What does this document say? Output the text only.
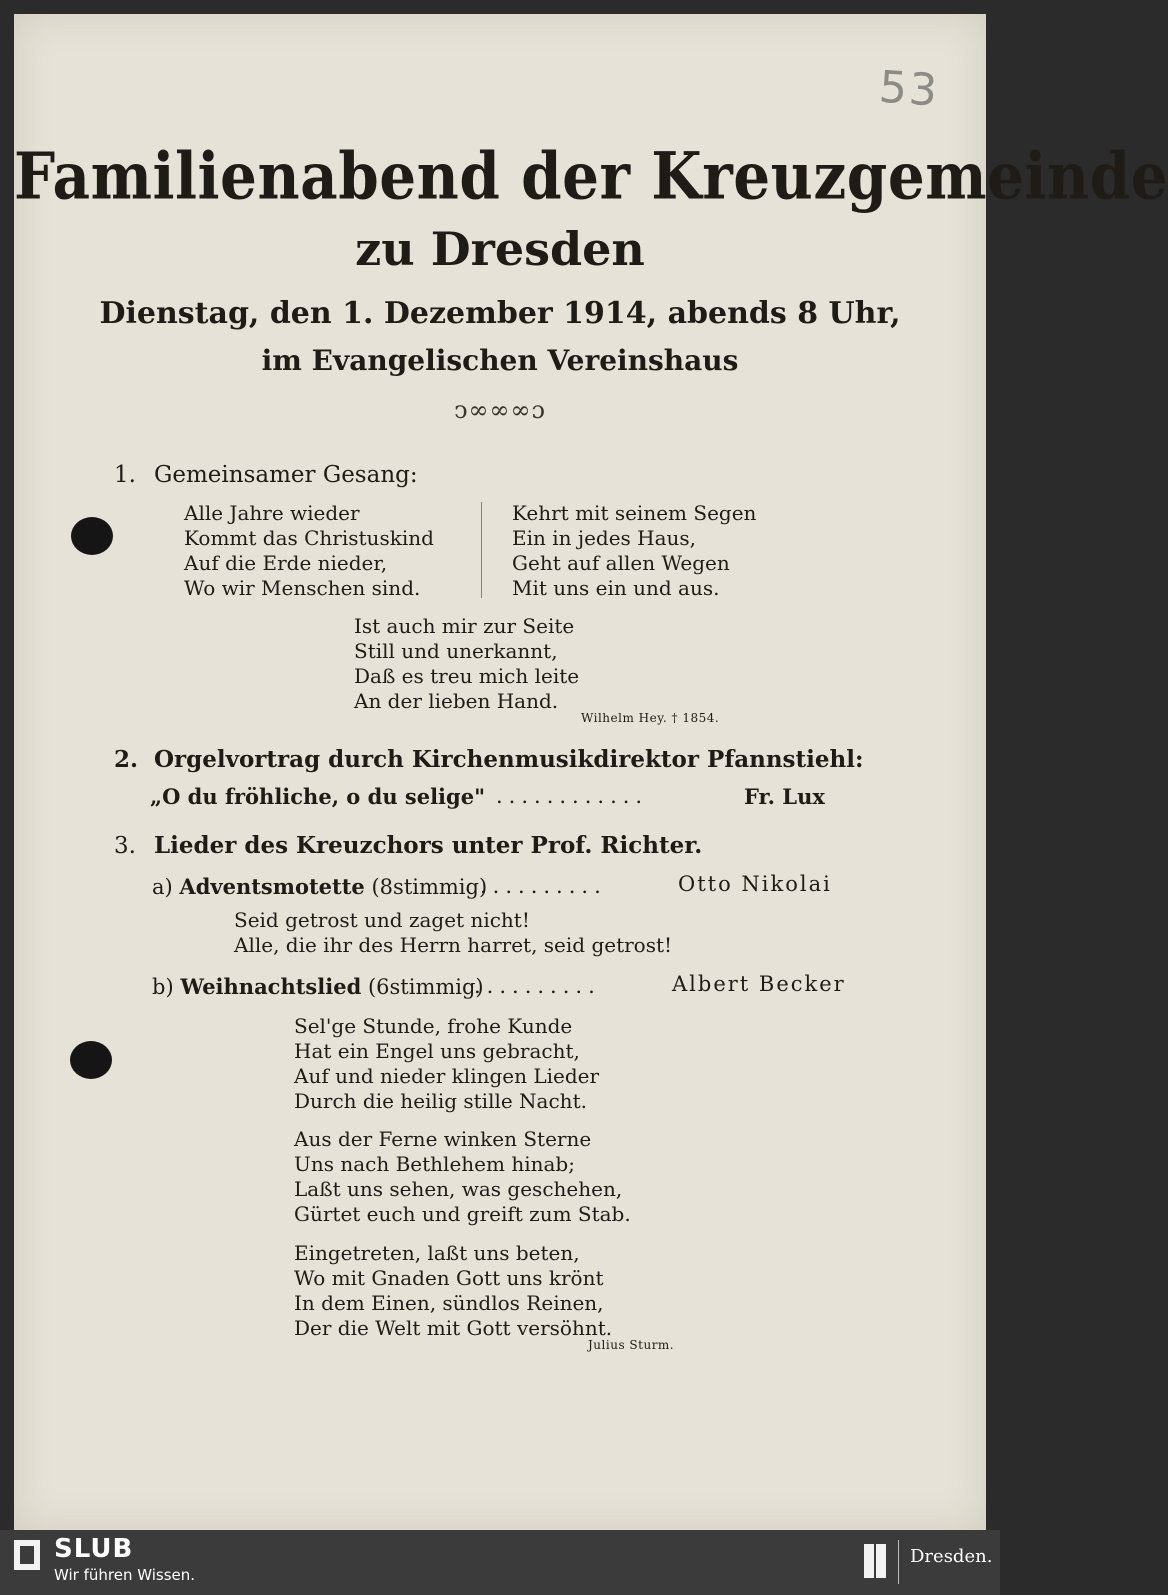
53
Familienabend der Kreuzgemeinde
zu Dresden
Dienstag, den 1. Dezember 1914, abends 8 Uhr,
im Evangelischen Vereinshaus
ↄ∞∞∞ɔ
1. Gemeinsamer Gesang:
Alle Jahre wieder
Kommt das Christuskind
Auf die Erde nieder,
Wo wir Menschen sind.
Kehrt mit seinem Segen
Ein in jedes Haus,
Geht auf allen Wegen
Mit uns ein und aus.
Ist auch mir zur Seite
Still und unerkannt,
Daß es treu mich leite
An der lieben Hand.
Wilhelm Hey. † 1854.
2. Orgelvortrag durch Kirchenmusikdirektor Pfannstiehl:
„O du fröhliche, o du selige" ............	Fr. Lux
3. Lieder des Kreuzchors unter Prof. Richter.
a) Adventsmotette (8stimmig)
..........	Otto Nikolai
Seid getrost und zaget nicht!
Alle, die ihr des Herrn harret, seid getrost!
b) Weihnachtslied (6stimmig)
..........	Albert Becker
Sel'ge Stunde, frohe Kunde
Hat ein Engel uns gebracht,
Auf und nieder klingen Lieder
Durch die heilig stille Nacht.
Aus der Ferne winken Sterne
Uns nach Bethlehem hinab;
Laßt uns sehen, was geschehen,
Gürtet euch und greift zum Stab.
Eingetreten, laßt uns beten,
Wo mit Gnaden Gott uns krönt
In dem Einen, sündlos Reinen,
Der die Welt mit Gott versöhnt.
Julius Sturm.
SLUB
Wir führen Wissen.
Dresden.
